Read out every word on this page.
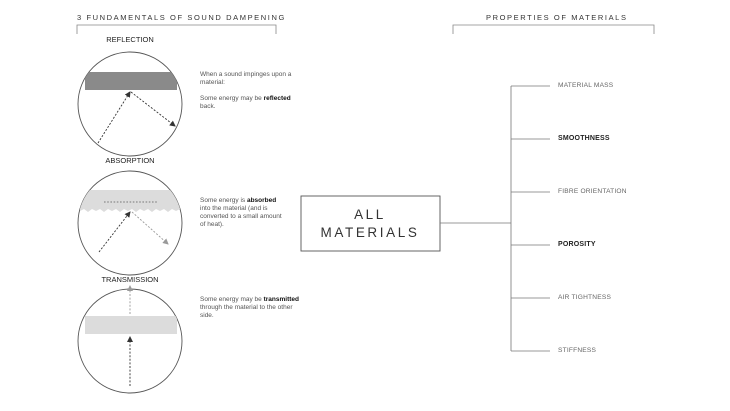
3 FUNDAMENTALS OF SOUND DAMPENING	PROPERTIES OF MATERIALS

REFLECTION

ABSORPTION

TRANSMISSION

When a sound impinges upon a material:
Some energy may be reflected back.
Some energy is absorbed into the material (and is converted to a small amount of heat).
Some energy may be transmitted through the material to the other side.
ALL
MATERIALS

MATERIAL MASS

SMOOTHNESS

FIBRE ORIENTATION

POROSITY

AIR TIGHTNESS

STIFFNESS
